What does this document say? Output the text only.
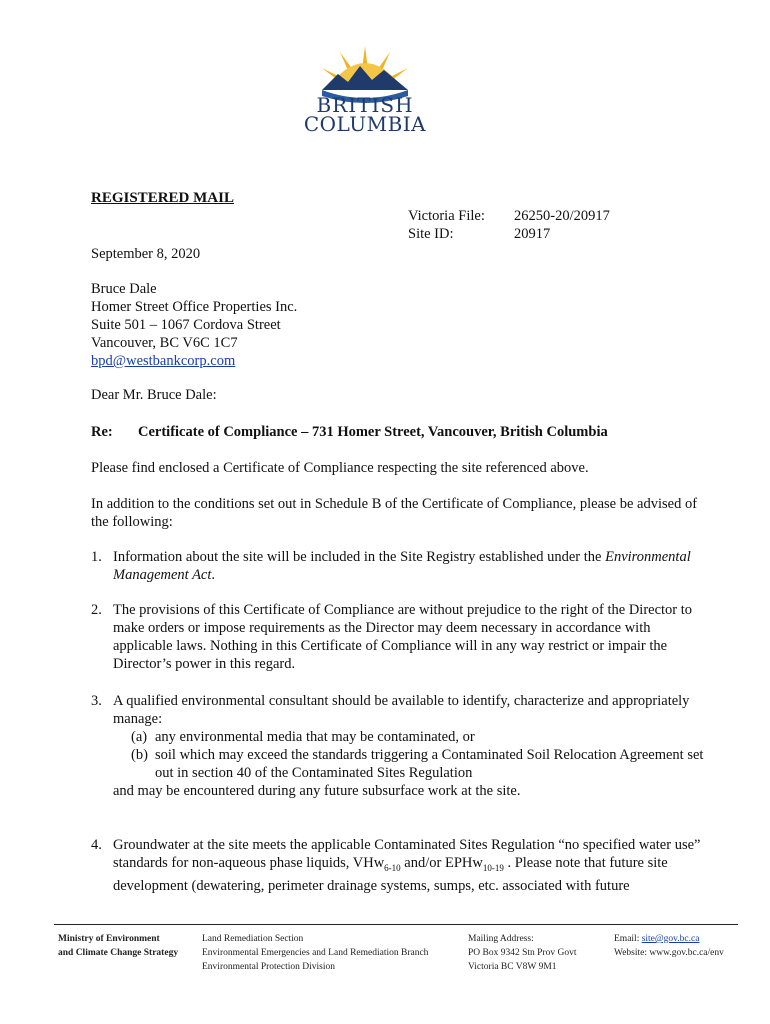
BRITISH
COLUMBIA
REGISTERED MAIL
Victoria File:	26250-20/20917
Site ID:	20917
September 8, 2020
Bruce Dale
Homer Street Office Properties Inc.
Suite 501 – 1067 Cordova Street
Vancouver, BC V6C 1C7
bpd@westbankcorp.com
Dear Mr. Bruce Dale:
Re:	Certificate of Compliance – 731 Homer Street, Vancouver, British Columbia
Please find enclosed a Certificate of Compliance respecting the site referenced above.
In addition to the conditions set out in Schedule B of the Certificate of Compliance, please be advised of the following:
1. Information about the site will be included in the Site Registry established under the Environmental Management Act.
2. The provisions of this Certificate of Compliance are without prejudice to the right of the Director to make orders or impose requirements as the Director may deem necessary in accordance with applicable laws. Nothing in this Certificate of Compliance will in any way restrict or impair the Director’s power in this regard.
3. A qualified environmental consultant should be available to identify, characterize and appropriately manage:
(a) any environmental media that may be contaminated, or
(b) soil which may exceed the standards triggering a Contaminated Soil Relocation Agreement set out in section 40 of the Contaminated Sites Regulation
and may be encountered during any future subsurface work at the site.
4. Groundwater at the site meets the applicable Contaminated Sites Regulation “no specified water use” standards for non-aqueous phase liquids, VHw$_{6-10}$ and/or EPHw$_{10-19}$ . Please note that future site development (dewatering, perimeter drainage systems, sumps, etc. associated with future
Ministry of Environment
and Climate Change Strategy
Land Remediation Section
Environmental Emergencies and Land Remediation Branch
Environmental Protection Division
Mailing Address:
PO Box 9342 Stn Prov Govt
Victoria BC V8W 9M1
Email: site@gov.bc.ca
Website: www.gov.bc.ca/env
